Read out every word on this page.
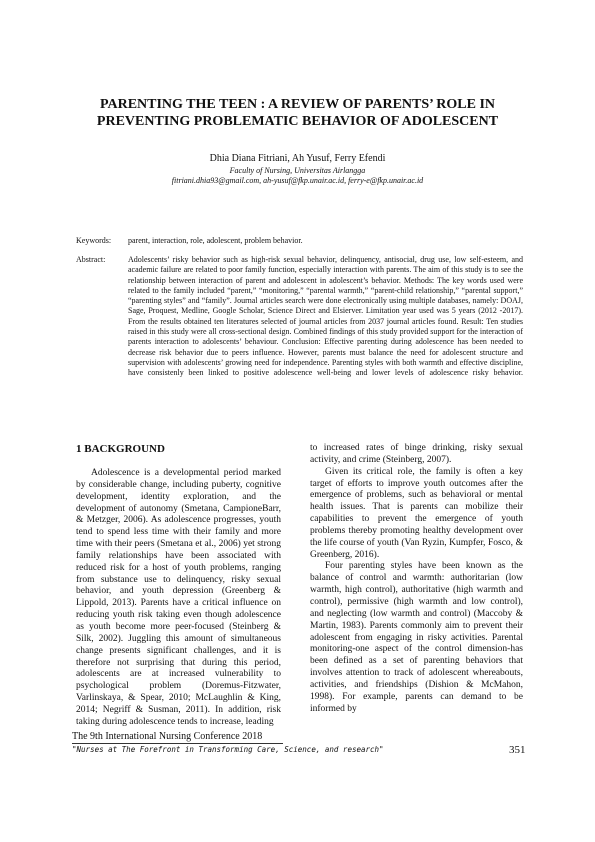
PARENTING THE TEEN : A REVIEW OF PARENTS’ ROLE IN
PREVENTING PROBLEMATIC BEHAVIOR OF ADOLESCENT
Dhia Diana Fitriani, Ah Yusuf, Ferry Efendi
Faculty of Nursing, Universitas Airlangga
fitriani.dhia93@gmail.com, ah-yusuf@fkp.unair.ac.id, ferry-e@fkp.unair.ac.id
Keywords: parent, interaction, role, adolescent, problem behavior.
Abstract:	Adolescents’ risky behavior such as high-risk sexual behavior, delinquency, antisocial, drug use, low self-esteem, and academic failure are related to poor family function, especially interaction with parents. The aim of this study is to see the relationship between interaction of parent and adolescent in adolescent’s behavior. Methods: The key words used were related to the family included “parent,” “monitoring,” “parental warmth,” “parent-child relationship,” “parental support,” “parenting styles” and “family”. Journal articles search were done electronically using multiple databases, namely: DOAJ, Sage, Proquest, Medline, Google Scholar, Science Direct and Elsierver. Limitation year used was 5 years (2012 -2017). From the results obtained ten literatures selected of journal articles from 2037 journal articles found. Result: Ten studies raised in this study were all cross-sectional design. Combined findings of this study provided support for the interaction of parents interaction to adolescents’ behaviour. Conclusion: Effective parenting during adolescence has been needed to decrease risk behavior due to peers influence. However, parents must balance the need for adolescent structure and supervision with adolescents’ growing need for independence. Parenting styles with both warmth and effective discipline, have consistenly been linked to positive adolescence well-being and lower levels of adolescence risky behavior.
1 BACKGROUND

Adolescence is a developmental period marked by considerable change, including puberty, cognitive development, identity exploration, and the development of autonomy (Smetana, CampioneBarr, & Metzger, 2006). As adolescence progresses, youth tend to spend less time with their family and more time with their peers (Smetana et al., 2006) yet strong family relationships have been associated with reduced risk for a host of youth problems, ranging from substance use to delinquency, risky sexual behavior, and youth depression (Greenberg & Lippold, 2013). Parents have a critical influence on reducing youth risk taking even though adolescence as youth become more peer-focused (Steinberg & Silk, 2002). Juggling this amount of simultaneous change presents significant challenges, and it is therefore not surprising that during this period, adolescents are at increased vulnerability to psychological problem (Doremus-Fitzwater, Varlinskaya, & Spear, 2010; McLaughlin & King, 2014; Negriff & Susman, 2011). In addition, risk taking during adolescence tends to increase, leading

to increased rates of binge drinking, risky sexual activity, and crime (Steinberg, 2007).

Given its critical role, the family is often a key target of efforts to improve youth outcomes after the emergence of problems, such as behavioral or mental health issues. That is parents can mobilize their capabilities to prevent the emergence of youth problems thereby promoting healthy development over the life course of youth (Van Ryzin, Kumpfer, Fosco, & Greenberg, 2016).

Four parenting styles have been known as the balance of control and warmth: authoritarian (low warmth, high control), authoritative (high warmth and control), permissive (high warmth and low control), and neglecting (low warmth and control) (Maccoby & Martin, 1983). Parents commonly aim to prevent their adolescent from engaging in risky activities. Parental monitoring-one aspect of the control dimension-has been defined as a set of parenting behaviors that involves attention to track of adolescent whereabouts, activities, and friendships (Dishion & McMahon, 1998). For example, parents can demand to be informed by

The 9th International Nursing Conference 2018
"Nurses at The Forefront in Transforming Care, Science, and research"	351
